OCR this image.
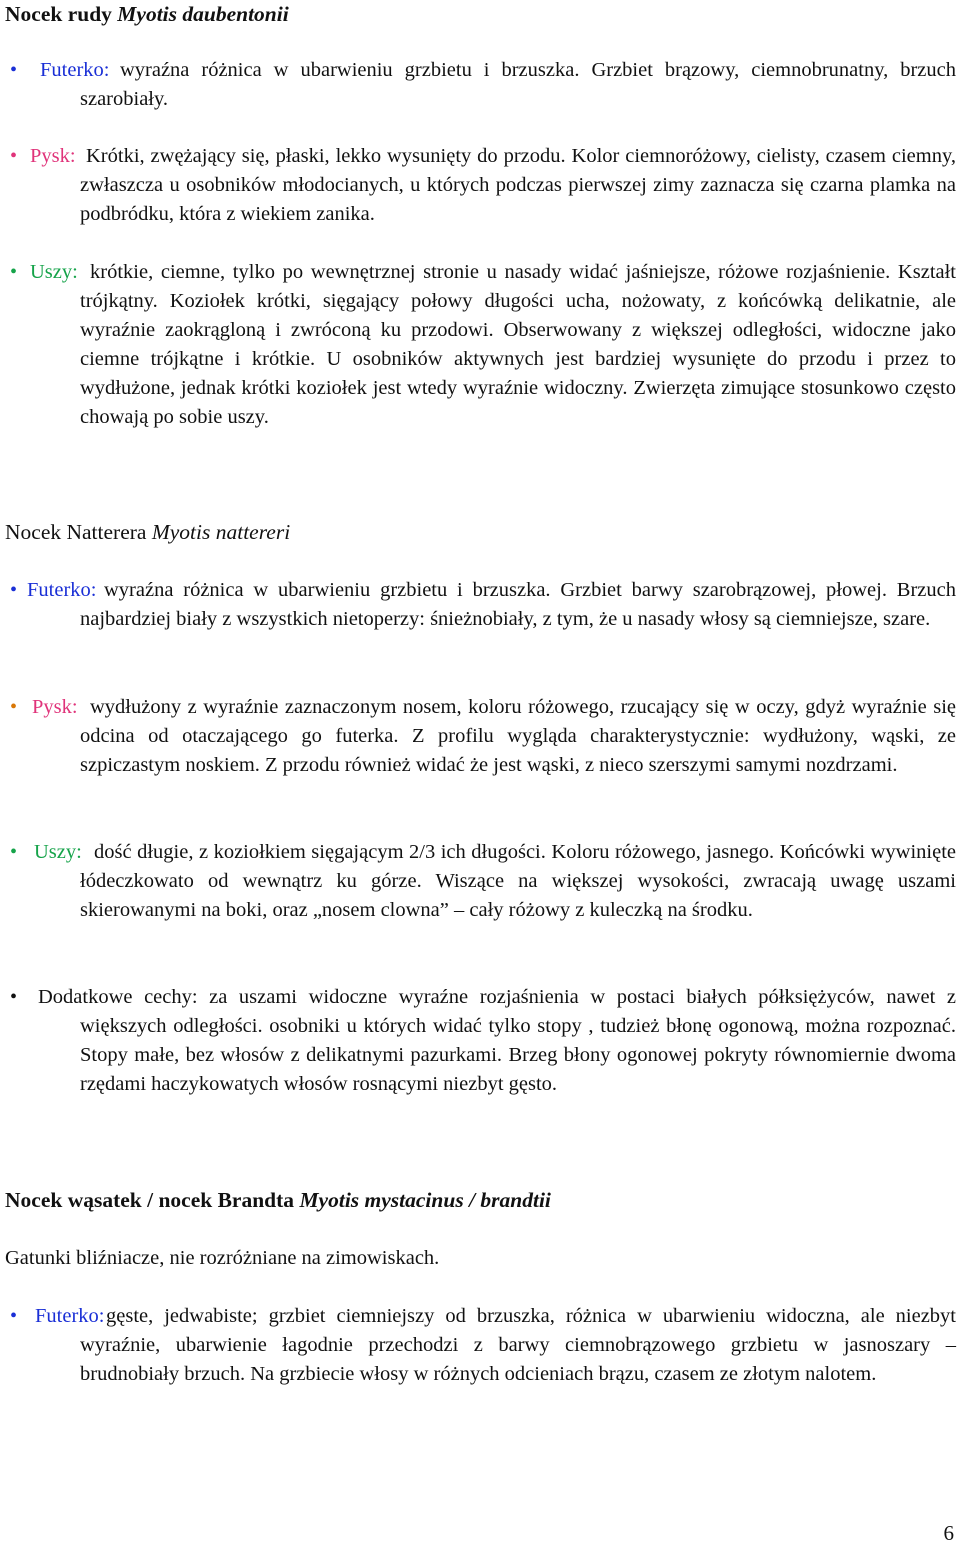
Nocek rudy Myotis daubentonii

•	Futerko:
wyraźna różnica w ubarwieniu grzbietu i brzuszka. Grzbiet brązowy, ciemnobrunatny, brzuch szarobiały.

• Pysk: Krótki, zwężający się, płaski, lekko wysunięty do przodu. Kolor ciemnoróżowy, cielisty, czasem ciemny, zwłaszcza u osobników młodocianych, u których podczas pierwszej zimy zaznacza się czarna plamka na podbródku, która z wiekiem zanika.

• Uszy: krótkie, ciemne, tylko po wewnętrznej stronie u nasady widać jaśniejsze, różowe rozjaśnienie. Kształt trójkątny. Koziołek krótki, sięgający połowy długości ucha, nożowaty, z końcówką delikatnie, ale wyraźnie zaokrągloną i zwróconą ku przodowi. Obserwowany z większej odległości, widoczne jako ciemne trójkątne i krótkie. U osobników aktywnych jest bardziej wysunięte do przodu i przez to wydłużone, jednak krótki koziołek jest wtedy wyraźnie widoczny. Zwierzęta zimujące stosunkowo często chowają po sobie uszy.

Nocek Natterera Myotis nattereri

• Futerko: wyraźna różnica w ubarwieniu grzbietu i brzuszka. Grzbiet barwy szarobrązowej, płowej. Brzuch najbardziej biały z wszystkich nietoperzy: śnieżnobiały, z tym, że u nasady włosy są ciemniejsze, szare.

• Pysk: wydłużony z wyraźnie zaznaczonym nosem, koloru różowego, rzucający się w oczy, gdyż wyraźnie się odcina od otaczającego go futerka. Z profilu wygląda charakterystycznie: wydłużony, wąski, ze szpiczastym noskiem. Z przodu również widać że jest wąski, z nieco szerszymi samymi nozdrzami.

• Uszy: dość długie, z koziołkiem sięgającym 2/3 ich długości. Koloru różowego, jasnego. Końcówki wywinięte łódeczkowato od wewnątrz ku górze. Wiszące na większej wysokości, zwracają uwagę uszami skierowanymi na boki, oraz „nosem clowna” – cały różowy z kuleczką na środku.

•	Dodatkowe cechy: za uszami widoczne wyraźne rozjaśnienia w postaci białych półksiężyców, nawet z większych odległości. osobniki u których widać tylko stopy , tudzież błonę ogonową, można rozpoznać. Stopy małe, bez włosów z delikatnymi pazurkami. Brzeg błony ogonowej pokryty równomiernie dwoma rzędami haczykowatych włosów rosnącymi niezbyt gęsto.

Nocek wąsatek / nocek Brandta Myotis mystacinus / brandtii

Gatunki bliźniacze, nie rozróżniane na zimowiskach.

• Futerko: gęste, jedwabiste; grzbiet ciemniejszy od brzuszka, różnica w ubarwieniu widoczna, ale niezbyt wyraźnie, ubarwienie łagodnie przechodzi z barwy ciemnobrązowego grzbietu w jasnoszary – brudnobiały brzuch. Na grzbiecie włosy w różnych odcieniach brązu, czasem ze złotym nalotem.

6
